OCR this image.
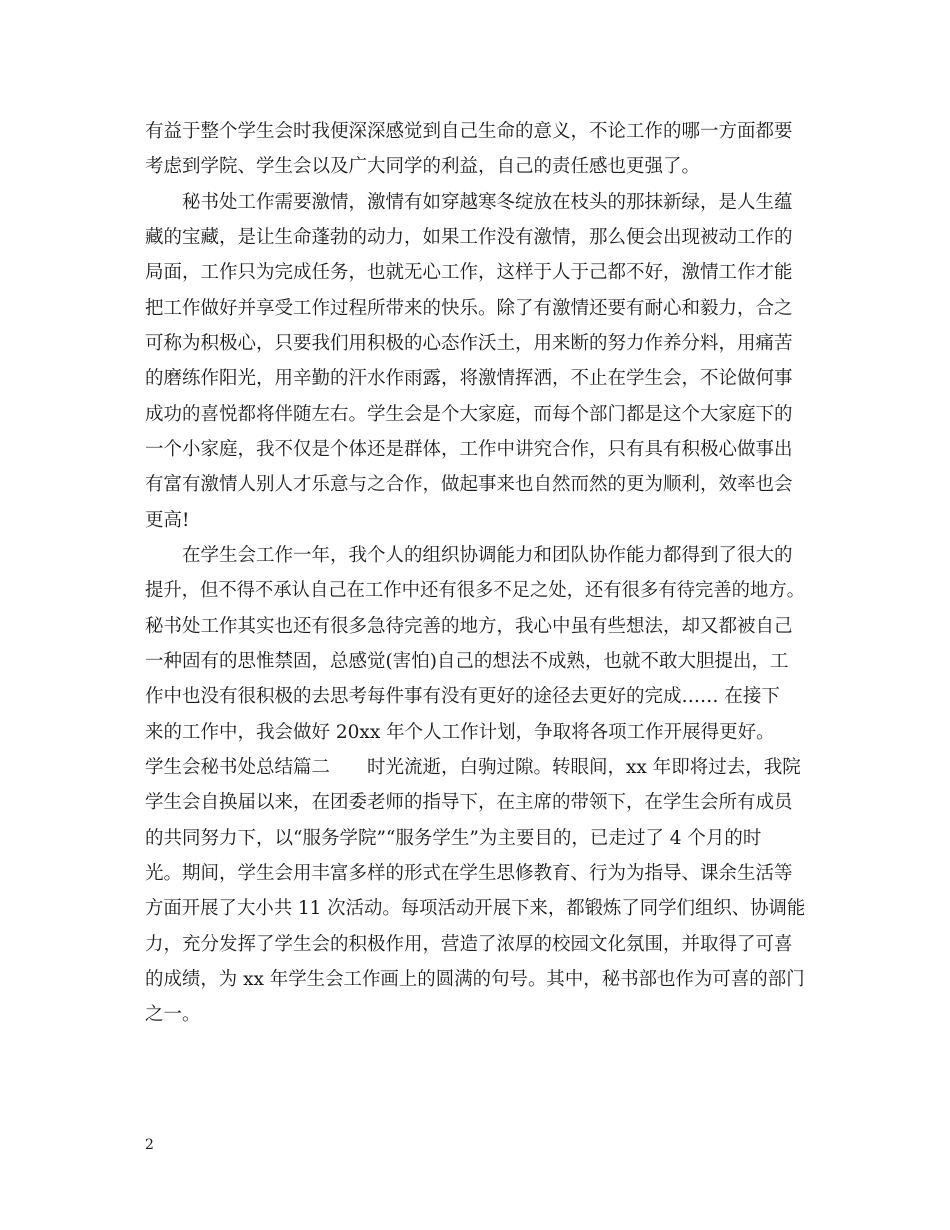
有益于整个学生会时我便深深感觉到自己生命的意义，不论工作的哪一方面都要
考虑到学院、学生会以及广大同学的利益，自己的责任感也更强了。
　　秘书处工作需要激情，激情有如穿越寒冬绽放在枝头的那抹新绿，是人生蕴
藏的宝藏，是让生命蓬勃的动力，如果工作没有激情，那么便会出现被动工作的
局面，工作只为完成任务，也就无心工作，这样于人于己都不好，激情工作才能
把工作做好并享受工作过程所带来的快乐。除了有激情还要有耐心和毅力，合之
可称为积极心，只要我们用积极的心态作沃土，用来断的努力作养分料，用痛苦
的磨练作阳光，用辛勤的汗水作雨露，将激情挥洒，不止在学生会，不论做何事
成功的喜悦都将伴随左右。学生会是个大家庭，而每个部门都是这个大家庭下的
一个小家庭，我不仅是个体还是群体，工作中讲究合作，只有具有积极心做事出
有富有激情人别人才乐意与之合作，做起事来也自然而然的更为顺利，效率也会
更高!
　　在学生会工作一年，我个人的组织协调能力和团队协作能力都得到了很大的
提升，但不得不承认自己在工作中还有很多不足之处，还有很多有待完善的地方。
秘书处工作其实也还有很多急待完善的地方，我心中虽有些想法，却又都被自己
一种固有的思惟禁固，总感觉(害怕)自己的想法不成熟，也就不敢大胆提出，工
作中也没有很积极的去思考每件事有没有更好的途径去更好的完成…… 在接下
来的工作中，我会做好 20xx 年个人工作计划，争取将各项工作开展得更好。
学生会秘书处总结篇二　　时光流逝，白驹过隙。转眼间，xx 年即将过去，我院
学生会自换届以来，在团委老师的指导下，在主席的带领下，在学生会所有成员
的共同努力下，以“服务学院”“服务学生”为主要目的，已走过了 4 个月的时
光。期间，学生会用丰富多样的形式在学生思修教育、行为为指导、课余生活等
方面开展了大小共 11 次活动。每项活动开展下来，都锻炼了同学们组织、协调能
力，充分发挥了学生会的积极作用，营造了浓厚的校园文化氛围，并取得了可喜
的成绩，为 xx 年学生会工作画上的圆满的句号。其中，秘书部也作为可喜的部门
之一。
2
